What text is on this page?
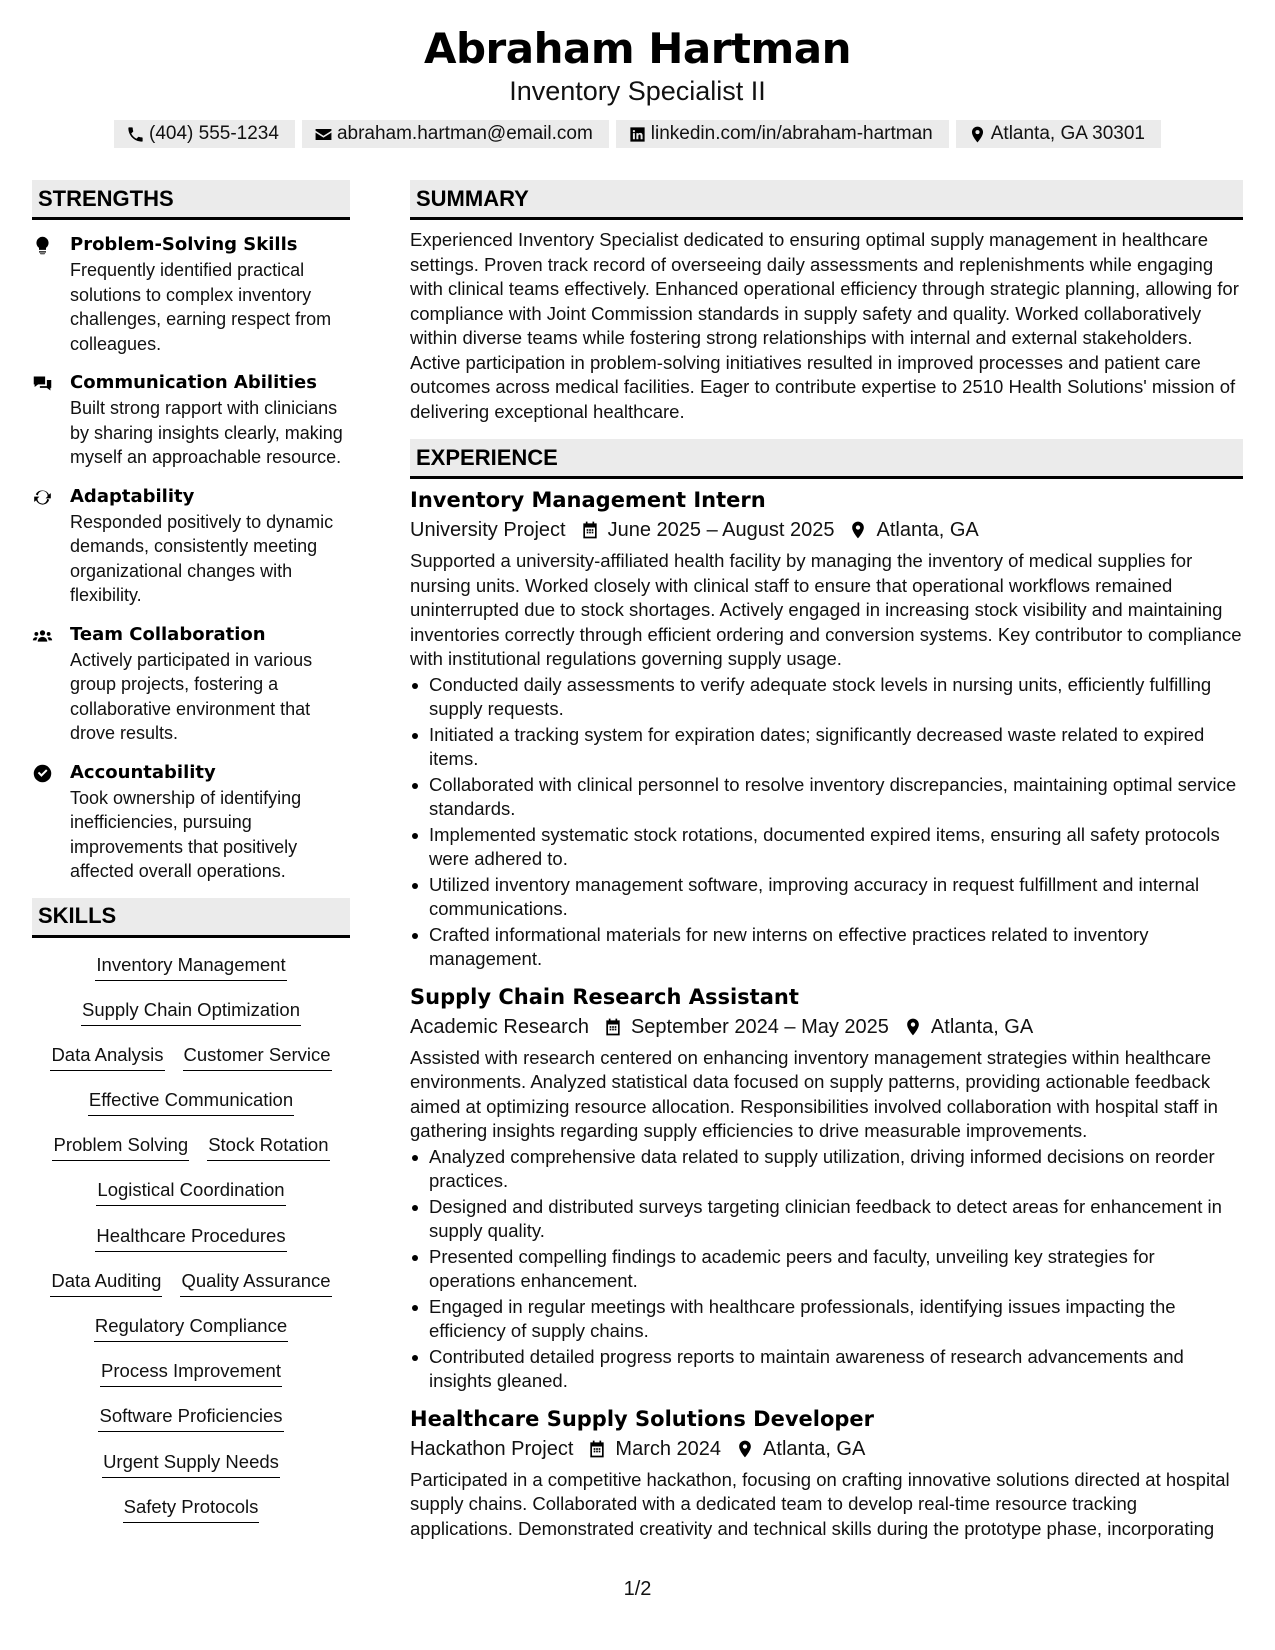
Abraham Hartman
Inventory Specialist II
(404) 555-1234	abraham.hartman@email.com	linkedin.com/in/abraham-hartman	Atlanta, GA 30301
STRENGTHS
Problem-Solving Skills
Frequently identified practical solutions to complex inventory challenges, earning respect from colleagues.
Communication Abilities
Built strong rapport with clinicians by sharing insights clearly, making myself an approachable resource.
Adaptability
Responded positively to dynamic demands, consistently meeting organizational changes with flexibility.
Team Collaboration
Actively participated in various group projects, fostering a collaborative environment that drove results.
Accountability
Took ownership of identifying inefficiencies, pursuing improvements that positively affected overall operations.
SKILLS
Inventory Management
Supply Chain Optimization
Data Analysis Customer Service
Effective Communication
Problem Solving Stock Rotation
Logistical Coordination
Healthcare Procedures
Data Auditing Quality Assurance
Regulatory Compliance
Process Improvement
Software Proficiencies
Urgent Supply Needs
Safety Protocols
SUMMARY
Experienced Inventory Specialist dedicated to ensuring optimal supply management in healthcare settings. Proven track record of overseeing daily assessments and replenishments while engaging with clinical teams effectively. Enhanced operational efficiency through strategic planning, allowing for compliance with Joint Commission standards in supply safety and quality. Worked collaboratively within diverse teams while fostering strong relationships with internal and external stakeholders. Active participation in problem-solving initiatives resulted in improved processes and patient care outcomes across medical facilities. Eager to contribute expertise to 2510 Health Solutions' mission of delivering exceptional healthcare.
EXPERIENCE
Inventory Management Intern
University Project June 2025 – August 2025 Atlanta, GA
Supported a university-affiliated health facility by managing the inventory of medical supplies for nursing units. Worked closely with clinical staff to ensure that operational workflows remained uninterrupted due to stock shortages. Actively engaged in increasing stock visibility and maintaining inventories correctly through efficient ordering and conversion systems. Key contributor to compliance with institutional regulations governing supply usage.
Conducted daily assessments to verify adequate stock levels in nursing units, efficiently fulfilling supply requests.
Initiated a tracking system for expiration dates; significantly decreased waste related to expired items.
Collaborated with clinical personnel to resolve inventory discrepancies, maintaining optimal service standards.
Implemented systematic stock rotations, documented expired items, ensuring all safety protocols were adhered to.
Utilized inventory management software, improving accuracy in request fulfillment and internal communications.
Crafted informational materials for new interns on effective practices related to inventory management.
Supply Chain Research Assistant
Academic Research September 2024 – May 2025 Atlanta, GA
Assisted with research centered on enhancing inventory management strategies within healthcare environments. Analyzed statistical data focused on supply patterns, providing actionable feedback aimed at optimizing resource allocation. Responsibilities involved collaboration with hospital staff in gathering insights regarding supply efficiencies to drive measurable improvements.
Analyzed comprehensive data related to supply utilization, driving informed decisions on reorder practices.
Designed and distributed surveys targeting clinician feedback to detect areas for enhancement in supply quality.
Presented compelling findings to academic peers and faculty, unveiling key strategies for operations enhancement.
Engaged in regular meetings with healthcare professionals, identifying issues impacting the efficiency of supply chains.
Contributed detailed progress reports to maintain awareness of research advancements and insights gleaned.
Healthcare Supply Solutions Developer
Hackathon Project March 2024 Atlanta, GA
Participated in a competitive hackathon, focusing on crafting innovative solutions directed at hospital supply chains. Collaborated with a dedicated team to develop real-time resource tracking applications. Demonstrated creativity and technical skills during the prototype phase, incorporating
1/2
